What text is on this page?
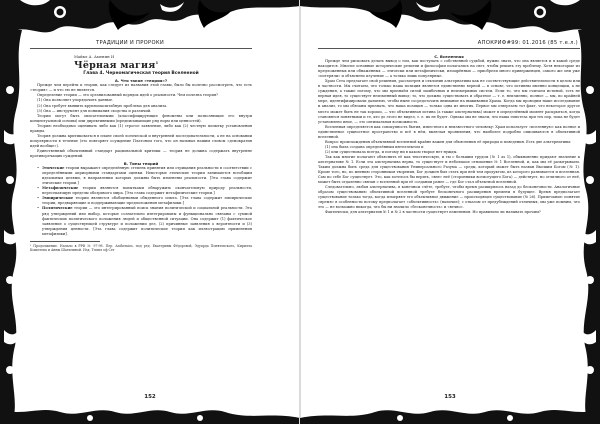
ТРАДИЦИИ И ПРОРОКИ
Майкл А. Аменин И
Чёрная магия$^1$
Глава 4. Черномагическая теория Вселенной
А. Что такое «теория»?

Прежде чем перейти к теории, как следует из названия этой главы, было бы полезно рассмотреть, что есть «теория» — и что ею не является.

Определение теории — это организованный порядок идей о реальности. Чем полезна теория?

(1) Она позволяет упорядочить данные.

(2) Она требует выявить крупномасштабную проблема для анализа.

(3) Она — инструмент для понимания сходства и различий.

Теории могут быть описательными (классифицирующие феномены или позволяющие его внутри концептуальной основы) или директивными (предписывающие ряд норм или ценностей).

Теорию необходимо оценивать либо как (1) строгое заявление, либо как (2) честную попытку установления правды.

Теория должна критиковаться в плане своей логической и внутренней последовательности, а не на основании популярности в течение (это повторяет осуждение Платоном того, что он называл нашим словом «демократия идей вообще»).

Единственный объективный стандарт рациональной критики — теория не должна содержать внутренне противоречащих суждений.

В. Типы теорий

• Этические теории выражают определённую степень принятия или отрицания реальности в соответствии с определёнными априорными стандартами оценки. Некоторые этические теории занимаются всеобщим идеальным целями, в направлении которых должны быть изменены реальности. [Эта глава содержит этические теории.]

• Метафизические теории являются попытками обнаружить окончательную природу реальности, пересекающую пределы обозримого мира. [Эта глава содержит метафизические теории.]

• Эмпирические теории являются обобщениями обыденного опыта. [Эта глава содержит эмпирические теории, предваряющие и поддерживающие предположения метафизики.]

• Политические теории — это интегрированный поиск знания политической и социальной реальности. Эта ряд утверждений или выбор, которые сознательно интегрированы и функционально связаны с суммой фактических политического положения людей и общественной ситуации. Она содержит (1) фактическое заявление о существующей структуре и положении дел, (2) причинные заявления о вероятности и (3) утверждения ценности. [Эта глава содержит политические теории как иллюстрацию применения метафизики].

¹ Продолжение. Начало в РРФ № 97-98. Пер. Anthemius, под ред. Екатерины Фёдоровой, Эдуарда Понятовского, Кирилла Кошелева и Анны Шатилиной. Изд. Тэмпл оф Сет
152
АПОКРИФ#99: 01.2016 (85 т.е.л.)
С. Вселенная

Прежде чем рисковать делать вывод о том, как поступать с собственной судьбой, нужно знать, что она является и в какой среде находится. Многие основные исторические религии и философии полагались на свет, чтобы решить эту проблему. Хотя некоторые из предложенных или обнаженных — этически или метафизически, изощрённых — приобрели много приверженцев, самого же они уже «потеряли» и объяснено изучение — а только лишь популярные.

Храм Сета предлагает свой решения, рассмотрев и отклонив альтернативы как не соответствующие действительности в целом или в частности. Мы считаем, что только наша позиция является единственно верной — в основе, что истинны именно концепции, а не суждения, а также потому, что мы признаём силой ошибочных и неизмеримых систем. Если то, что мы считаем истиной, есть не верная идея, то существует неизменный вывод: то, что должно существовать и обратное — т. е. неизменно, полное — мы, по крайней мере, идентифицировали дальнюю, чтобы ныне сосредоточить внимание на выживании Храма. Когда мы проводим наше исследование и анализ, то мы обязаны признать, что наша позиция — только одна из многих. Первое мы отвергаем тот факт, что некоторое другое место может быть не так хорошо, — что объективная истина (а также альтернатива) может в определённый момент раскрыться, когда становятся понятными и те, кто до этого не видел, т. е. их не будет. Однако мы не знаем, что наша гипотеза при тех пор, пока не будет установлено иное, — это оптимальная возможность.

Вселенная определяется как совокупность бытия, известного и неизвестного человеку: Храм использует «вселенную» как полное и единственное сущностное пространство и всё в нём, включая проявления, что наиболее подробно описываются в объективной вселенной.

Вопрос происхождения объективной вселенной крайне важен для объяснения её природы и поведения. Есть две альтернативы:

(1) она была создана определённым интеллектом и

(2) или существовала всегда, и потому ни в каком творце нет нужды.

Так как многие полагают объяснить её как теистическую, и ты с большим трудом (№ 1 as 1), обыкновенно придают значение к альтернативе № 1. Если эта альтернатива верна, то существует и небольшое отношение № 1 Вселенной, и, как мы её разыгрываем. Таким должна быть среда для существования Универсального Разума — среды, который может быть назван Высшим Богом (№ 1). Кроме того, но, по мнению сторонников творения, Бог должен был стать при ней тем продуктом, из которого развивается и вселенная. Сам по себе Бог существует. Это, как хотелось бы верить, «вне» неё (сторонники всемогущего Бога) — действует, но отличного от неё, может быть отдаленно связан с вселенной при её создании ранее — где Бог стал объектной вселенной.

Следовательно, любая альтернатива, в конечном счёте, требует, чтобы время расширялось назад до бесконечности. Аналогичные образом существованию объективной вселенной требует бесконечного расширения времени в будущее. Время предполагает существование только тогда, когда измеряют его объективное движение — происходящее существование (№ 26). Примечание: понятие «время» в особенности потому предполагает «объективность» (наличие); с отказом от предубеждений отличных, мы уже помним, что это — не возможно никогда, что бы ни значило «бесконечность» и «вечно».

Фактически, для альтернатив № 1 и № 2 в частности существует изменения. Но правильно ли называть прочим?

153
